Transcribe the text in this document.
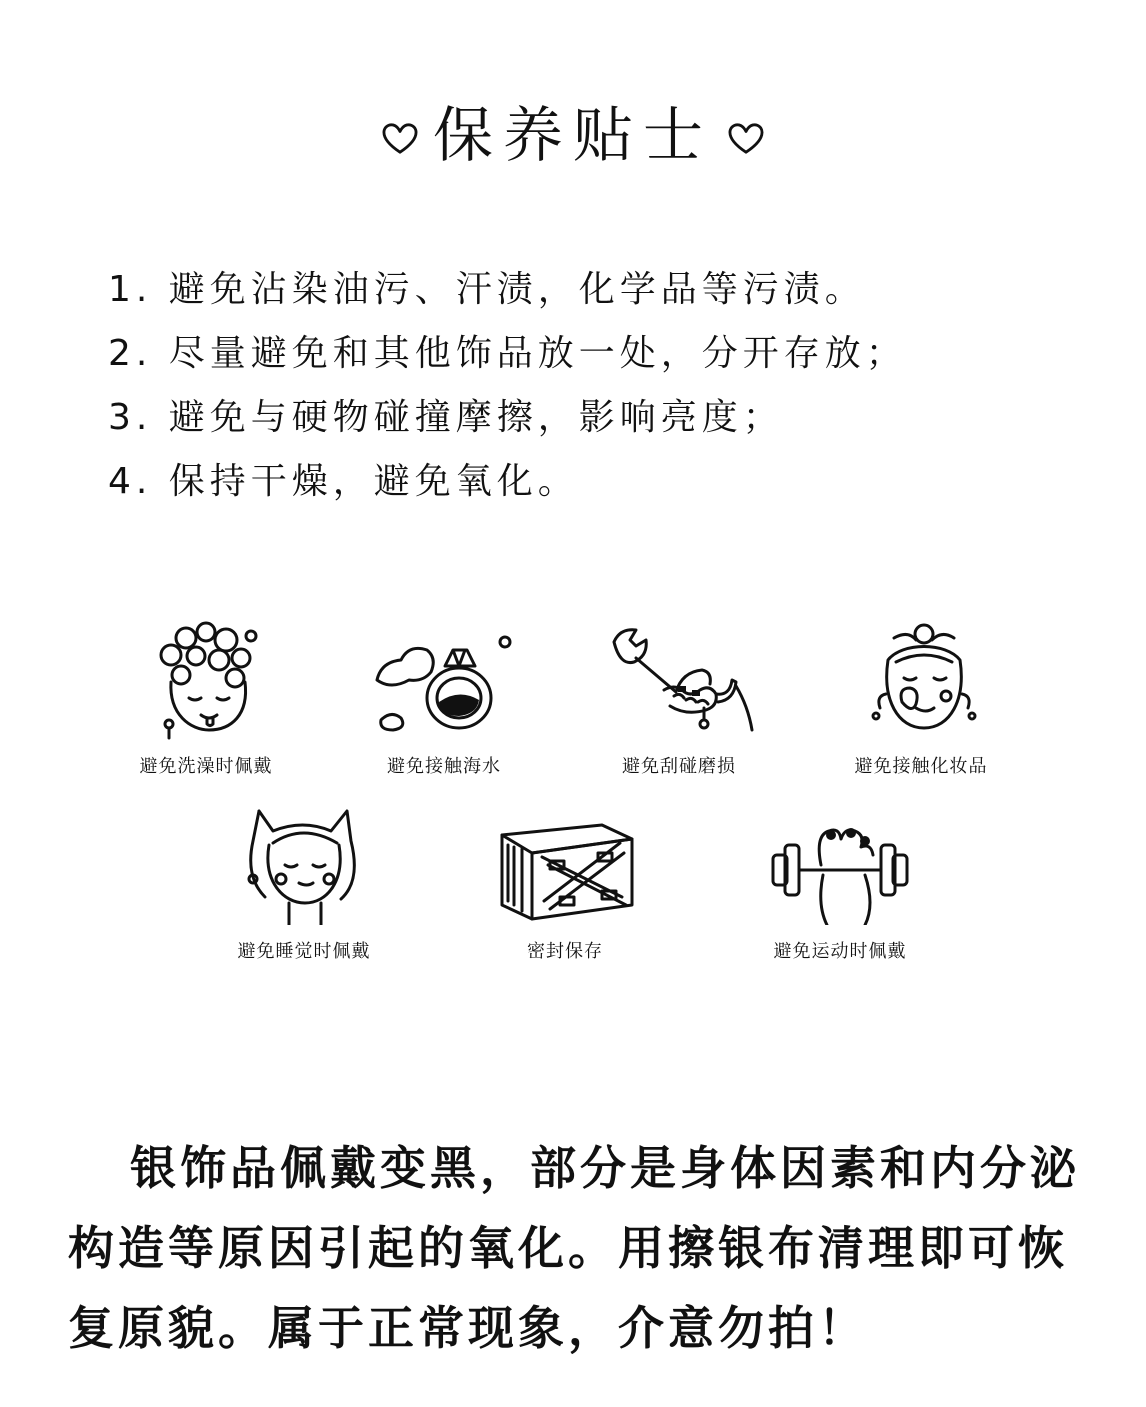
保养贴士
1. 避免沾染油污、汗渍，化学品等污渍。
2. 尽量避免和其他饰品放一处，分开存放；
3. 避免与硬物碰撞摩擦，影响亮度；
4. 保持干燥，避免氧化。
避免洗澡时佩戴	避免接触海水	避免刮碰磨损	避免接触化妆品
避免睡觉时佩戴	密封保存	避免运动时佩戴

银饰品佩戴变黑，部分是身体因素和内分泌

构造等原因引起的氧化。用擦银布清理即可恢

复原貌。属于正常现象，介意勿拍！
